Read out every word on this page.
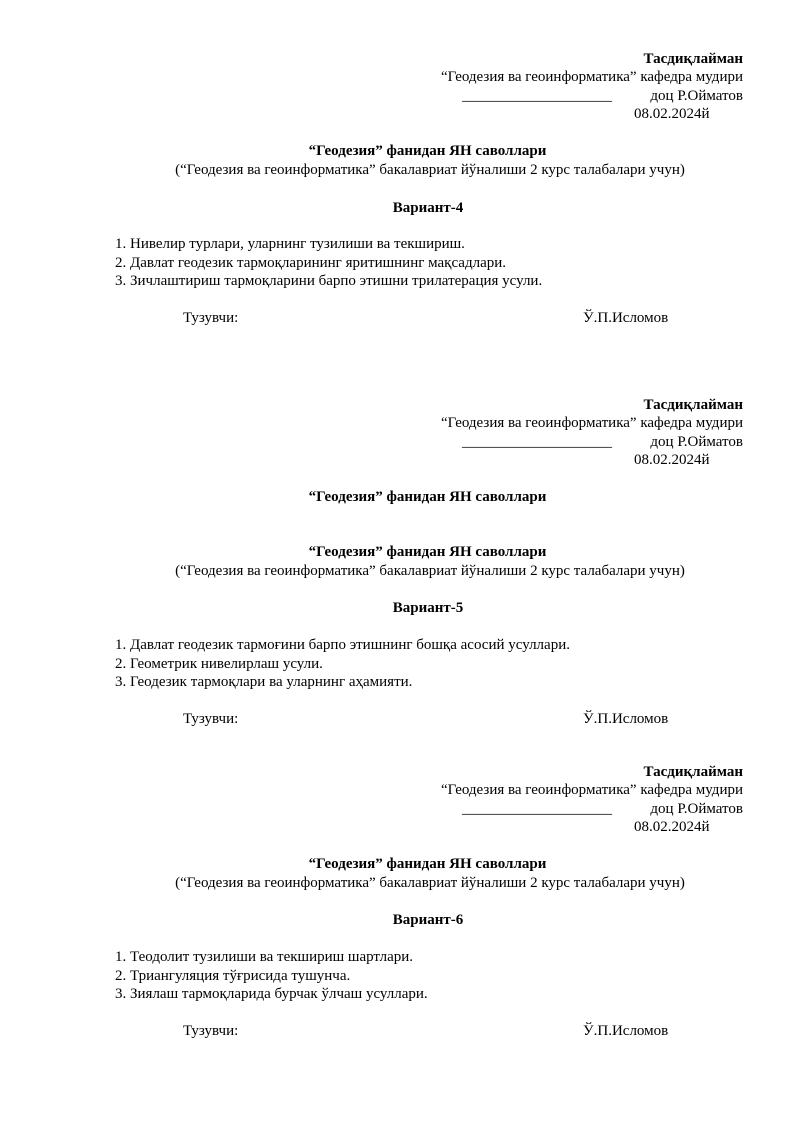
Тасдиқлайман
“Геодезия ва геоинформатика” кафедра мудири
____________________	доц Р.Ойматов
08.02.2024й
“Геодезия” фанидан ЯН саволлари
(“Геодезия ва геоинформатика” бакалавриат йўналиши 2 курс талабалари учун)
Вариант-4
1. Нивелир турлари, уларнинг тузилиши ва текшириш.
2. Давлат геодезик тармоқларининг яритишнинг мақсадлари.
3. Зичлаштириш тармоқларини барпо этишни трилатерация усули.
Тузувчи:	Ў.П.Исломов
Тасдиқлайман
“Геодезия ва геоинформатика” кафедра мудири
____________________	доц Р.Ойматов
08.02.2024й
“Геодезия” фанидан ЯН саволлари
“Геодезия” фанидан ЯН саволлари
(“Геодезия ва геоинформатика” бакалавриат йўналиши 2 курс талабалари учун)
Вариант-5
1. Давлат геодезик тармоғини барпо этишнинг бошқа асосий усуллари.
2. Геометрик нивелирлаш усули.
3. Геодезик тармоқлари ва уларнинг аҳамияти.
Тузувчи:	Ў.П.Исломов
Тасдиқлайман
“Геодезия ва геоинформатика” кафедра мудири
____________________	доц Р.Ойматов
08.02.2024й
“Геодезия” фанидан ЯН саволлари
(“Геодезия ва геоинформатика” бакалавриат йўналиши 2 курс талабалари учун)
Вариант-6
1. Теодолит тузилиши ва текшириш шартлари.
2. Триангуляция тўғрисида тушунча.
3. Зиялаш тармоқларида бурчак ўлчаш усуллари.
Тузувчи:	Ў.П.Исломов
